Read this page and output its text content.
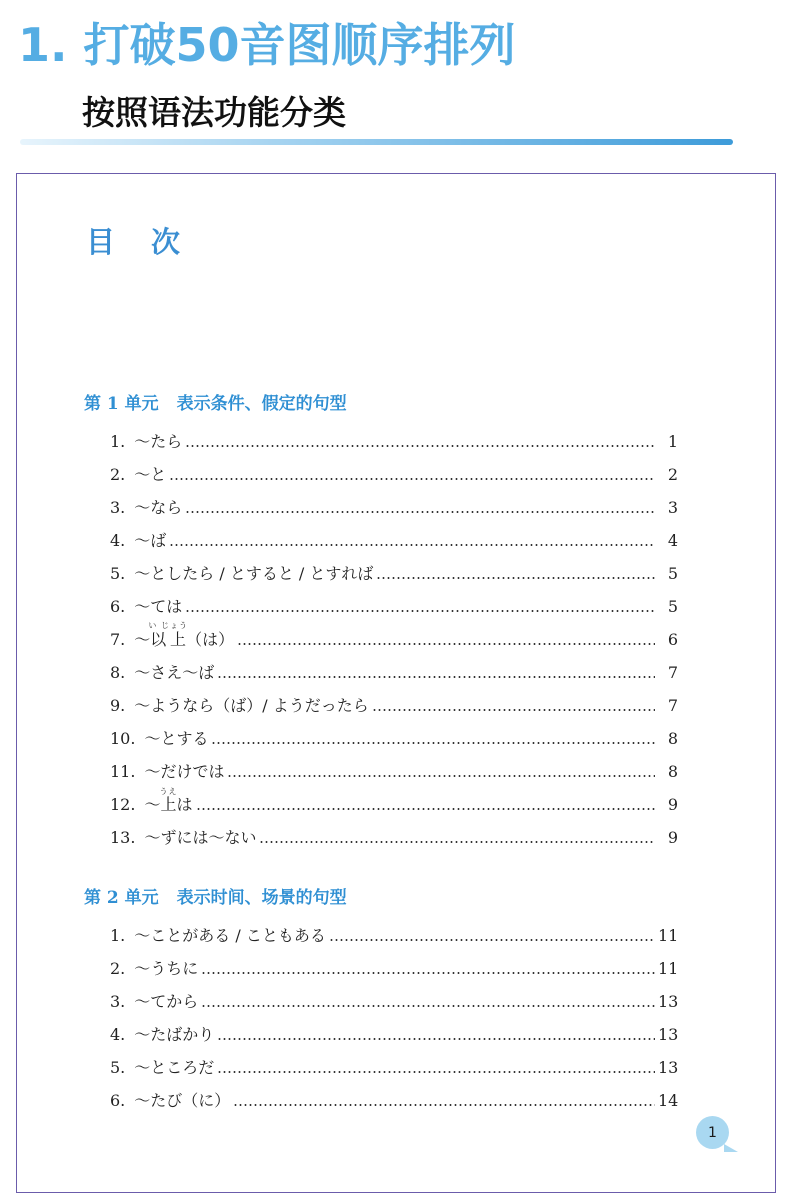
1. 打破50音图顺序排列
按照语法功能分类
目次
第 1 单元 表示条件、假定的句型
1. ～たら	1
2. ～と	2
3. ～なら	3
4. ～ば	4
5. ～としたら / とすると / とすれば	5
6. ～ては	5
7. ～以上い じょう（は）	6
8. ～さえ～ば	7
9. ～ようなら（ば）/ ようだったら	7
10. ～とする	8
11. ～だけでは	8
12. ～上うえは	9
13. ～ずには～ない	9
第 2 单元 表示时间、场景的句型
1. ～ことがある / こともある	11
2. ～うちに	11
3. ～てから	13
4. ～たばかり	13
5. ～ところだ	13
6. ～たび（に）	14
1
